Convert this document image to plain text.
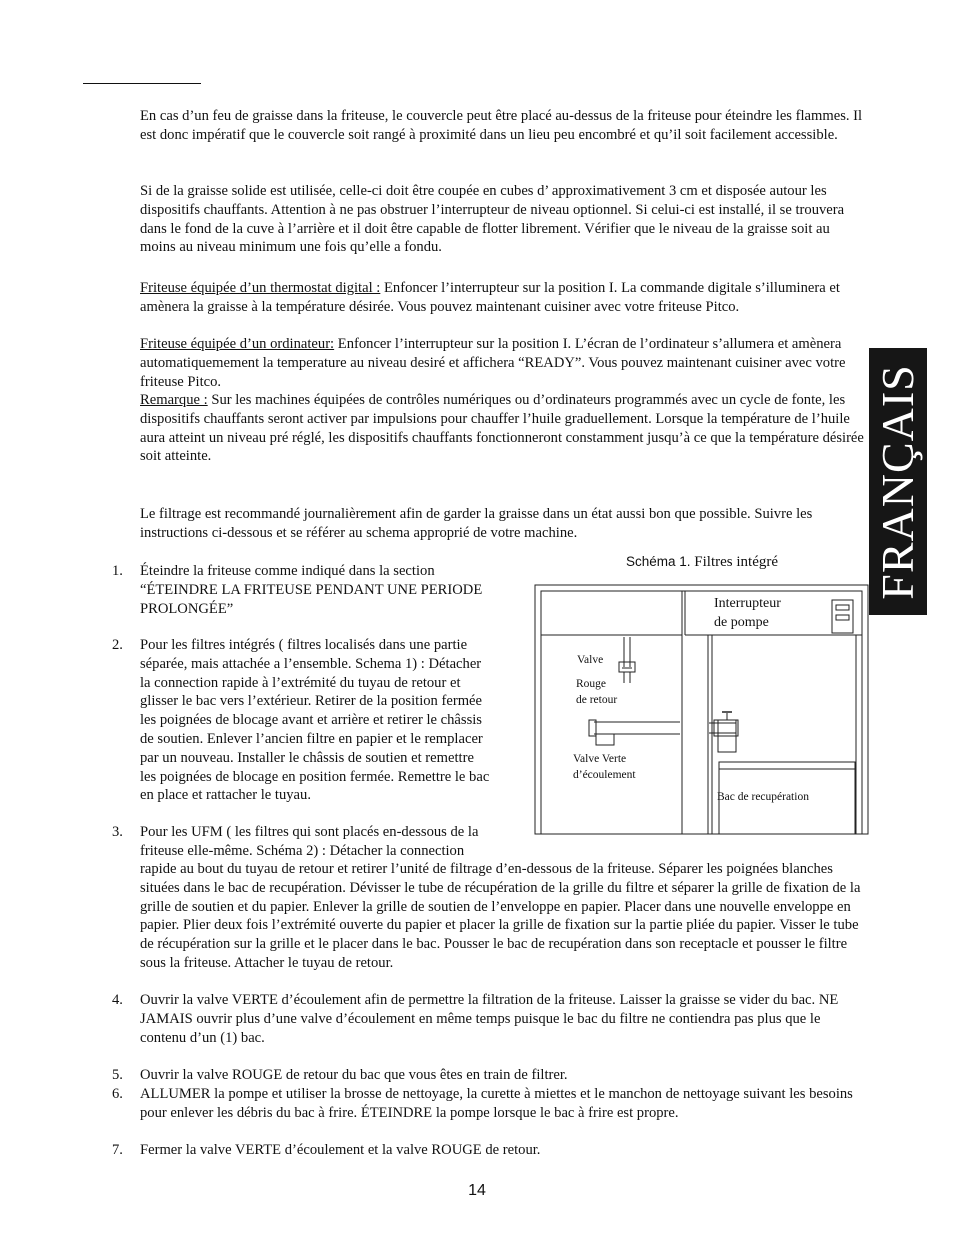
En cas d’un feu de graisse dans la friteuse, le couvercle peut être placé au-dessus de la friteuse pour éteindre les flammes. Il est donc impératif que le couvercle soit rangé à proximité dans un lieu peu encombré et qu’il soit facilement accessible.
Si de la graisse solide est utilisée, celle-ci doit être coupée en cubes d’ approximativement 3 cm et disposée autour les dispositifs chauffants. Attention à ne pas obstruer l’interrupteur de niveau optionnel. Si celui-ci est installé, il se trouvera dans le fond de la cuve à l’arrière et il doit être capable de flotter librement. Vérifier que le niveau de la graisse soit au moins au niveau minimum une fois qu’elle a fondu.
Friteuse équipée d’un thermostat digital : Enfoncer l’interrupteur sur la position I. La commande digitale s’illuminera et amènera la graisse à la température désirée. Vous pouvez maintenant cuisiner avec votre friteuse Pitco.
Friteuse équipée d’un ordinateur: Enfoncer l’interrupteur sur la position I. L’écran de l’ordinateur s’allumera et amènera automatiquemement la temperature au niveau desiré et affichera “READY”. Vous pouvez maintenant cuisiner avec votre friteuse Pitco.
Remarque : Sur les machines équipées de contrôles numériques ou d’ordinateurs programmés avec un cycle de fonte, les dispositifs chauffants seront activer par impulsions pour chauffer l’huile graduellement. Lorsque la température de l’huile aura atteint un niveau pré réglé, les dispositifs chauffants fonctionneront constamment jusqu’à ce que la température désirée soit atteinte.
Le filtrage est recommandé journalièrement afin de garder la graisse dans un état aussi bon que possible. Suivre les instructions ci-dessous et se référer au schema approprié de votre machine.
1. Éteindre la friteuse comme indiqué dans la section
“ÉTEINDRE LA FRITEUSE PENDANT UNE PERIODE
PROLONGÉE”
2. Pour les filtres intégrés ( filtres localisés dans une partie
séparée, mais attachée a l’ensemble. Schema 1) : Détacher
la connection rapide à l’extrémité du tuyau de retour et
glisser le bac vers l’extérieur. Retirer de la position fermée
les poignées de blocage avant et arrière et retirer le châssis
de soutien. Enlever l’ancien filtre en papier et le remplacer
par un nouveau. Installer le châssis de soutien et remettre
les poignées de blocage en position fermée. Remettre le bac
en place et rattacher le tuyau.
3. Pour les UFM ( les filtres qui sont placés en-dessous de la
friteuse elle-même. Schéma 2) : Détacher la connection
rapide au bout du tuyau de retour et retirer l’unité de filtrage d’en-dessous de la friteuse. Séparer les poignées blanches situées dans le bac de recupération. Dévisser le tube de récupération de la grille du filtre et séparer la grille de fixation de la grille de soutien et du papier. Enlever la grille de soutien de l’enveloppe en papier. Placer dans une nouvelle enveloppe en papier. Plier deux fois l’extrémité ouverte du papier et placer la grille de fixation sur la partie pliée du papier. Visser le tube de récupération sur la grille et le placer dans le bac. Pousser le bac de recupération dans son receptacle et pousser le filtre sous la friteuse. Attacher le tuyau de retour.
4. Ouvrir la valve VERTE d’écoulement afin de permettre la filtration de la friteuse. Laisser la graisse se vider du bac. NE JAMAIS ouvrir plus d’une valve d’écoulement en même temps puisque le bac du filtre ne contiendra pas plus que le contenu d’un (1) bac.
5. Ouvrir la valve ROUGE de retour du bac que vous êtes en train de filtrer.
6. ALLUMER la pompe et utiliser la brosse de nettoyage, la curette à miettes et le manchon de nettoyage suivant les besoins pour enlever les débris du bac à frire. ÉTEINDRE la pompe lorsque le bac à frire est propre.
7. Fermer la valve VERTE d’écoulement et la valve ROUGE de retour.
Schéma 1. Filtres intégré
Interrupteur
de pompe
Valve
Rouge
de retour
Valve Verte
d’écoulement
Bac de recupération
FRANÇAIS
14
